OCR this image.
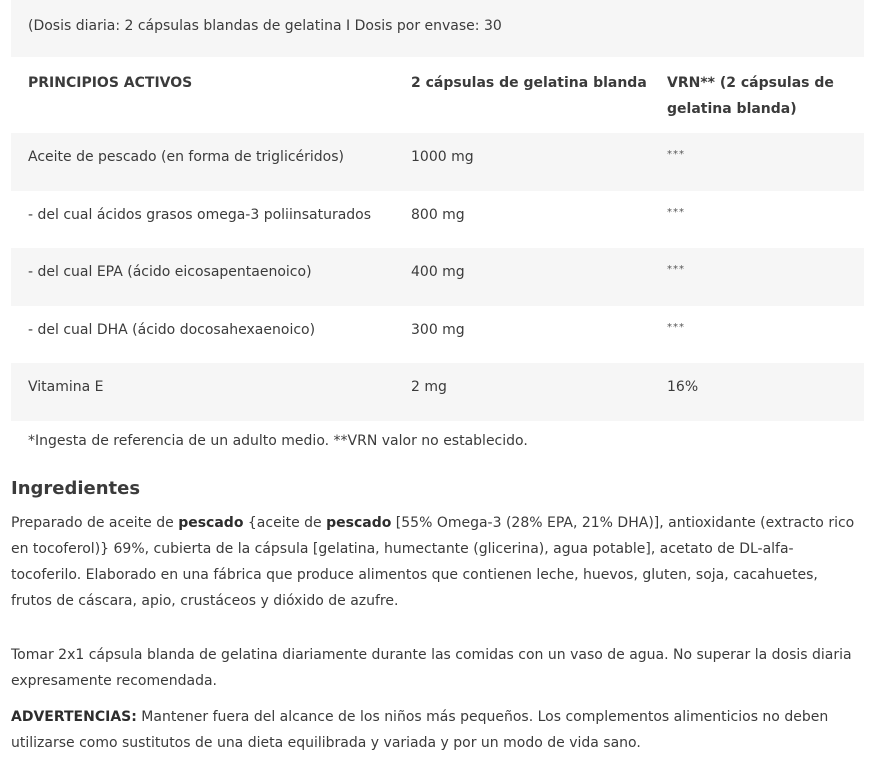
(Dosis diaria: 2 cápsulas blandas de gelatina I Dosis por envase: 30
PRINCIPIOS ACTIVOS	2 cápsulas de gelatina blanda	VRN** (2 cápsulas de gelatina blanda)
Aceite de pescado (en forma de triglicéridos)	1000 mg	***
- del cual ácidos grasos omega-3 poliinsaturados	800 mg	***
- del cual EPA (ácido eicosapentaenoico)	400 mg	***
- del cual DHA (ácido docosahexaenoico)	300 mg	***
Vitamina E	2 mg	16%
*Ingesta de referencia de un adulto medio. **VRN valor no establecido.
Ingredientes
Preparado de aceite de pescado {aceite de pescado [55% Omega-3 (28% EPA, 21% DHA)], antioxidante (extracto rico en tocoferol)} 69%, cubierta de la cápsula [gelatina, humectante (glicerina), agua potable], acetato de DL-alfa-tocoferilo. Elaborado en una fábrica que produce alimentos que contienen leche, huevos, gluten, soja, cacahuetes, frutos de cáscara, apio, crustáceos y dióxido de azufre.
Tomar 2x1 cápsula blanda de gelatina diariamente durante las comidas con un vaso de agua. No superar la dosis diaria expresamente recomendada.
ADVERTENCIAS: Mantener fuera del alcance de los niños más pequeños. Los complementos alimenticios no deben utilizarse como sustitutos de una dieta equilibrada y variada y por un modo de vida sano.
